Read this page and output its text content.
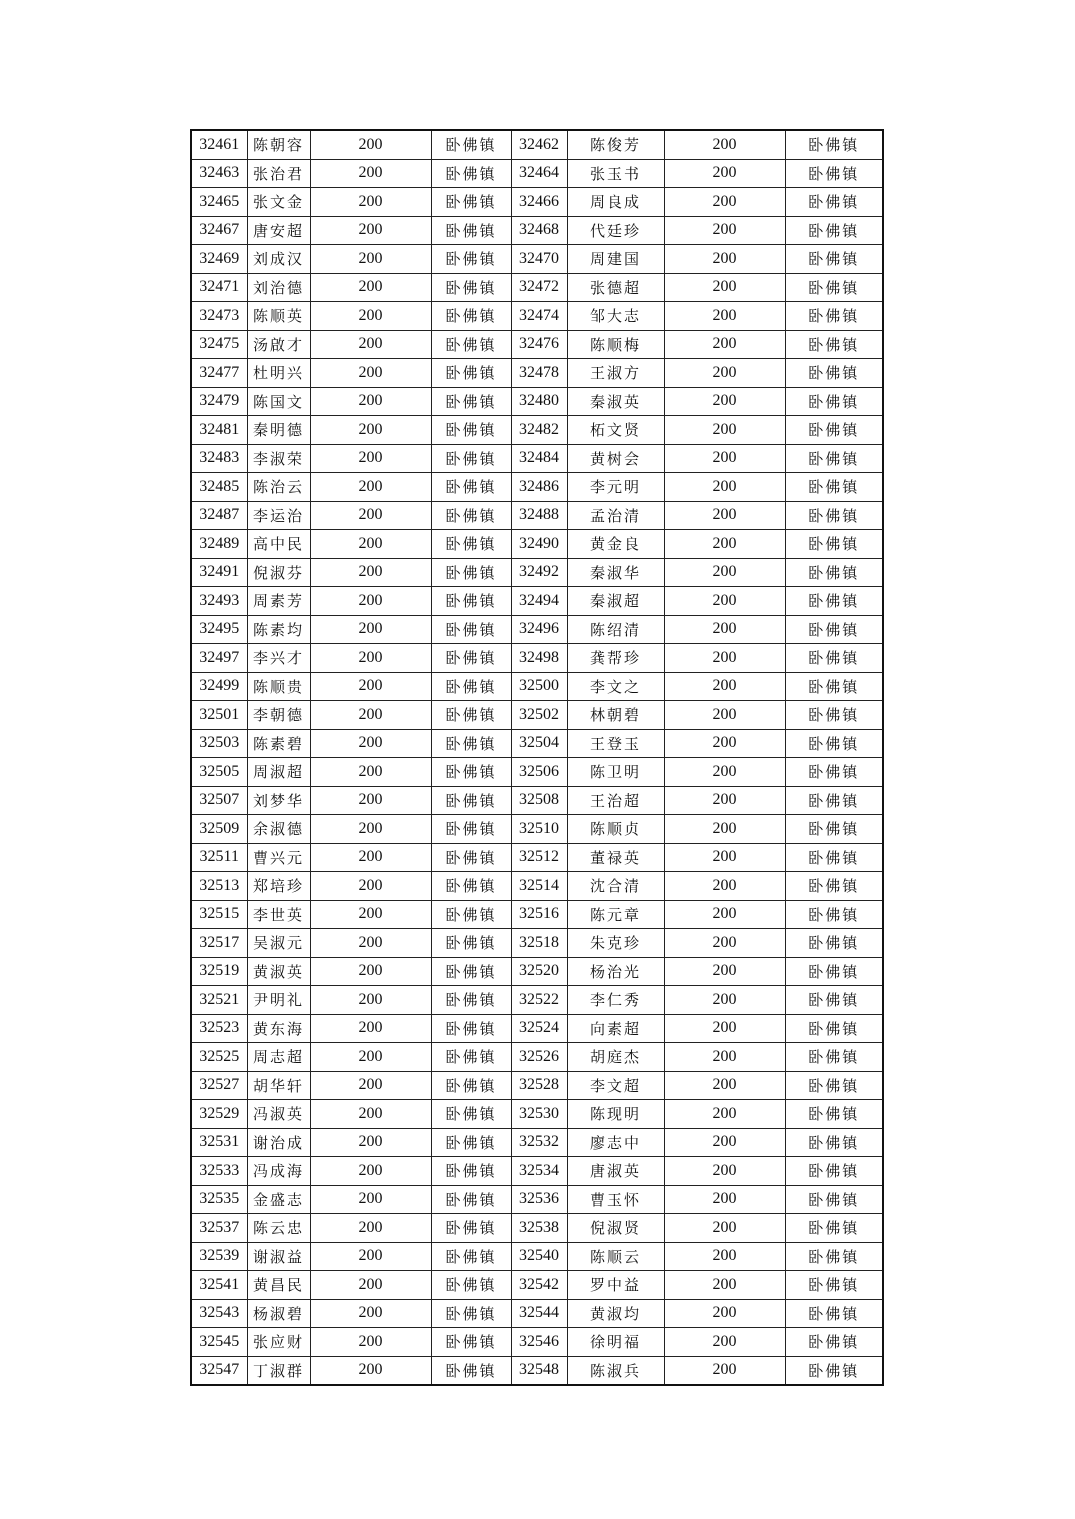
32461	陈朝容	200	卧佛镇	32462	陈俊芳	200	卧佛镇
32463	张治君	200	卧佛镇	32464	张玉书	200	卧佛镇
32465	张文金	200	卧佛镇	32466	周良成	200	卧佛镇
32467	唐安超	200	卧佛镇	32468	代廷珍	200	卧佛镇
32469	刘成汉	200	卧佛镇	32470	周建国	200	卧佛镇
32471	刘治德	200	卧佛镇	32472	张德超	200	卧佛镇
32473	陈顺英	200	卧佛镇	32474	邹大志	200	卧佛镇
32475	汤啟才	200	卧佛镇	32476	陈顺梅	200	卧佛镇
32477	杜明兴	200	卧佛镇	32478	王淑方	200	卧佛镇
32479	陈国文	200	卧佛镇	32480	秦淑英	200	卧佛镇
32481	秦明德	200	卧佛镇	32482	柘文贤	200	卧佛镇
32483	李淑荣	200	卧佛镇	32484	黄树会	200	卧佛镇
32485	陈治云	200	卧佛镇	32486	李元明	200	卧佛镇
32487	李运治	200	卧佛镇	32488	孟治清	200	卧佛镇
32489	高中民	200	卧佛镇	32490	黄金良	200	卧佛镇
32491	倪淑芬	200	卧佛镇	32492	秦淑华	200	卧佛镇
32493	周素芳	200	卧佛镇	32494	秦淑超	200	卧佛镇
32495	陈素均	200	卧佛镇	32496	陈绍清	200	卧佛镇
32497	李兴才	200	卧佛镇	32498	龚帮珍	200	卧佛镇
32499	陈顺贵	200	卧佛镇	32500	李文之	200	卧佛镇
32501	李朝德	200	卧佛镇	32502	林朝碧	200	卧佛镇
32503	陈素碧	200	卧佛镇	32504	王登玉	200	卧佛镇
32505	周淑超	200	卧佛镇	32506	陈卫明	200	卧佛镇
32507	刘梦华	200	卧佛镇	32508	王治超	200	卧佛镇
32509	余淑德	200	卧佛镇	32510	陈顺贞	200	卧佛镇
32511	曹兴元	200	卧佛镇	32512	董禄英	200	卧佛镇
32513	郑培珍	200	卧佛镇	32514	沈合清	200	卧佛镇
32515	李世英	200	卧佛镇	32516	陈元章	200	卧佛镇
32517	吴淑元	200	卧佛镇	32518	朱克珍	200	卧佛镇
32519	黄淑英	200	卧佛镇	32520	杨治光	200	卧佛镇
32521	尹明礼	200	卧佛镇	32522	李仁秀	200	卧佛镇
32523	黄东海	200	卧佛镇	32524	向素超	200	卧佛镇
32525	周志超	200	卧佛镇	32526	胡庭杰	200	卧佛镇
32527	胡华轩	200	卧佛镇	32528	李文超	200	卧佛镇
32529	冯淑英	200	卧佛镇	32530	陈现明	200	卧佛镇
32531	谢治成	200	卧佛镇	32532	廖志中	200	卧佛镇
32533	冯成海	200	卧佛镇	32534	唐淑英	200	卧佛镇
32535	金盛志	200	卧佛镇	32536	曹玉怀	200	卧佛镇
32537	陈云忠	200	卧佛镇	32538	倪淑贤	200	卧佛镇
32539	谢淑益	200	卧佛镇	32540	陈顺云	200	卧佛镇
32541	黄昌民	200	卧佛镇	32542	罗中益	200	卧佛镇
32543	杨淑碧	200	卧佛镇	32544	黄淑均	200	卧佛镇
32545	张应财	200	卧佛镇	32546	徐明福	200	卧佛镇
32547	丁淑群	200	卧佛镇	32548	陈淑兵	200	卧佛镇
